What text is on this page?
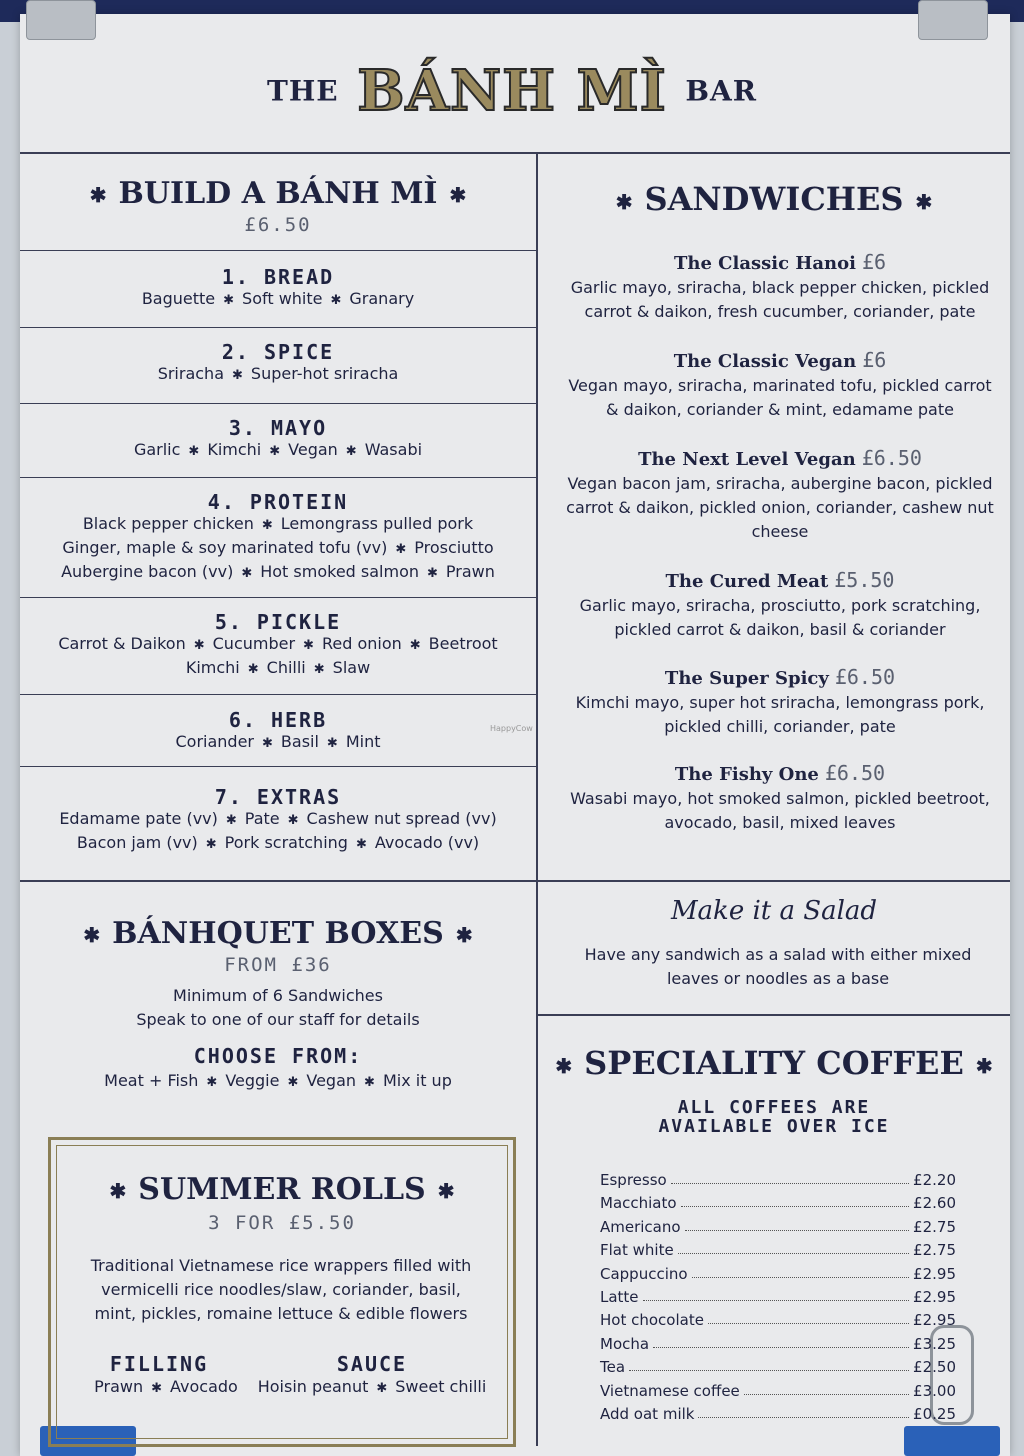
THE BÁNH MÌ BAR
✱ BUILD A BÁNH MÌ ✱
£6.50
1. BREAD
Baguette ✱ Soft white ✱ Granary
2. SPICE
Sriracha ✱ Super-hot sriracha
3. MAYO
Garlic ✱ Kimchi ✱ Vegan ✱ Wasabi
4. PROTEIN
Black pepper chicken ✱ Lemongrass pulled pork
Ginger, maple & soy marinated tofu (vv) ✱ Prosciutto
Aubergine bacon (vv) ✱ Hot smoked salmon ✱ Prawn
5. PICKLE
Carrot & Daikon ✱ Cucumber ✱ Red onion ✱ Beetroot
Kimchi ✱ Chilli ✱ Slaw
6. HERB
Coriander ✱ Basil ✱ Mint
7. EXTRAS
Edamame pate (vv) ✱ Pate ✱ Cashew nut spread (vv)
Bacon jam (vv) ✱ Pork scratching ✱ Avocado (vv)
✱ SANDWICHES ✱
The Classic Hanoi £6
Garlic mayo, sriracha, black pepper chicken, pickled carrot & daikon, fresh cucumber, coriander, pate
The Classic Vegan £6
Vegan mayo, sriracha, marinated tofu, pickled carrot & daikon, coriander & mint, edamame pate
The Next Level Vegan £6.50
Vegan bacon jam, sriracha, aubergine bacon, pickled carrot & daikon, pickled onion, coriander, cashew nut cheese
The Cured Meat £5.50
Garlic mayo, sriracha, prosciutto, pork scratching, pickled carrot & daikon, basil & coriander
The Super Spicy £6.50
Kimchi mayo, super hot sriracha, lemongrass pork, pickled chilli, coriander, pate
The Fishy One £6.50
Wasabi mayo, hot smoked salmon, pickled beetroot, avocado, basil, mixed leaves
Make it a Salad
Have any sandwich as a salad with either mixed leaves or noodles as a base
✱ BÁNHQUET BOXES ✱
FROM £36
Minimum of 6 Sandwiches
Speak to one of our staff for details
CHOOSE FROM:
Meat + Fish ✱ Veggie ✱ Vegan ✱ Mix it up
✱ SUMMER ROLLS ✱
3 FOR £5.50
Traditional Vietnamese rice wrappers filled with vermicelli rice noodles/slaw, coriander, basil, mint, pickles, romaine lettuce & edible flowers
FILLING
Prawn ✱ Avocado
SAUCE
Hoisin peanut ✱ Sweet chilli
✱ SPECIALITY COFFEE ✱
ALL COFFEES ARE
AVAILABLE OVER ICE
Espresso	£2.20
Macchiato	£2.60
Americano	£2.75
Flat white	£2.75
Cappuccino	£2.95
Latte	£2.95
Hot chocolate	£2.95
Mocha	£3.25
Tea	£2.50
Vietnamese coffee	£3.00
Add oat milk	£0.25
HappyCow
